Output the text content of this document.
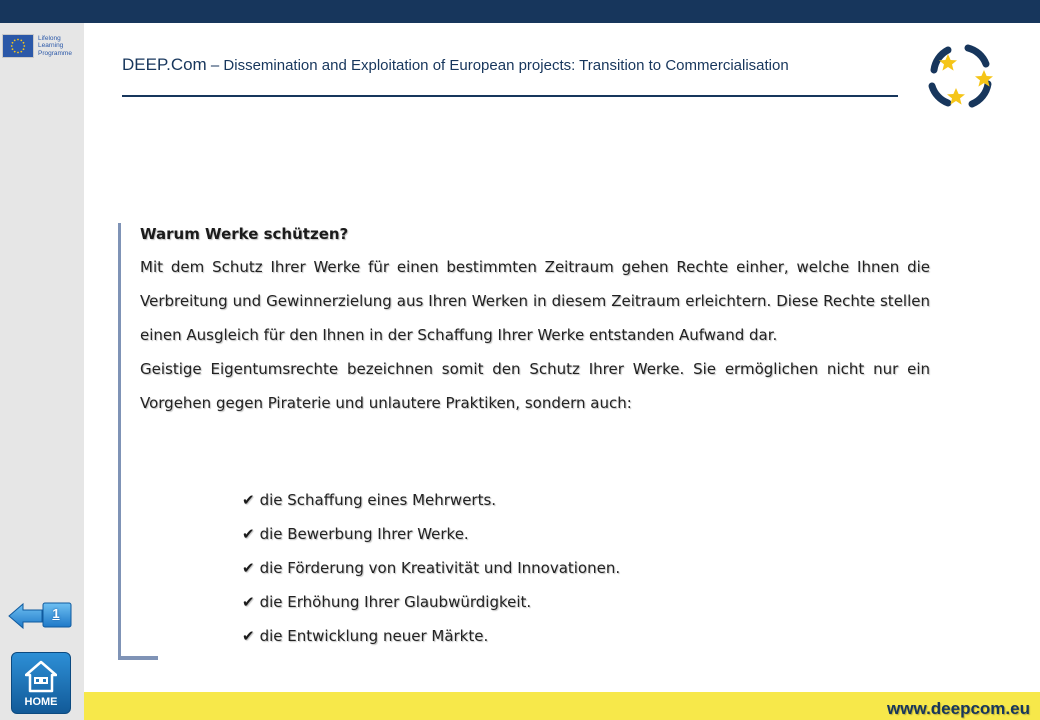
Lifelong
Learning
Programme
DEEP.Com – Dissemination and Exploitation of European projects: Transition to Commercialisation
Warum Werke schützen?

Mit dem Schutz Ihrer Werke für einen bestimmten Zeitraum gehen Rechte einher, welche Ihnen die Verbreitung und Gewinnerzielung aus Ihren Werken in diesem Zeitraum erleichtern. Diese Rechte stellen einen Ausgleich für den Ihnen in der Schaffung Ihrer Werke entstanden Aufwand dar.

Geistige Eigentumsrechte bezeichnen somit den Schutz Ihrer Werke. Sie ermöglichen nicht nur ein Vorgehen gegen Piraterie und unlautere Praktiken, sondern auch:

✔ die Schaffung eines Mehrwerts.
✔ die Bewerbung Ihrer Werke.
✔ die Förderung von Kreativität und Innovationen.
✔ die Erhöhung Ihrer Glaubwürdigkeit.
✔ die Entwicklung neuer Märkte.
1
HOME	www.deepcom.eu
